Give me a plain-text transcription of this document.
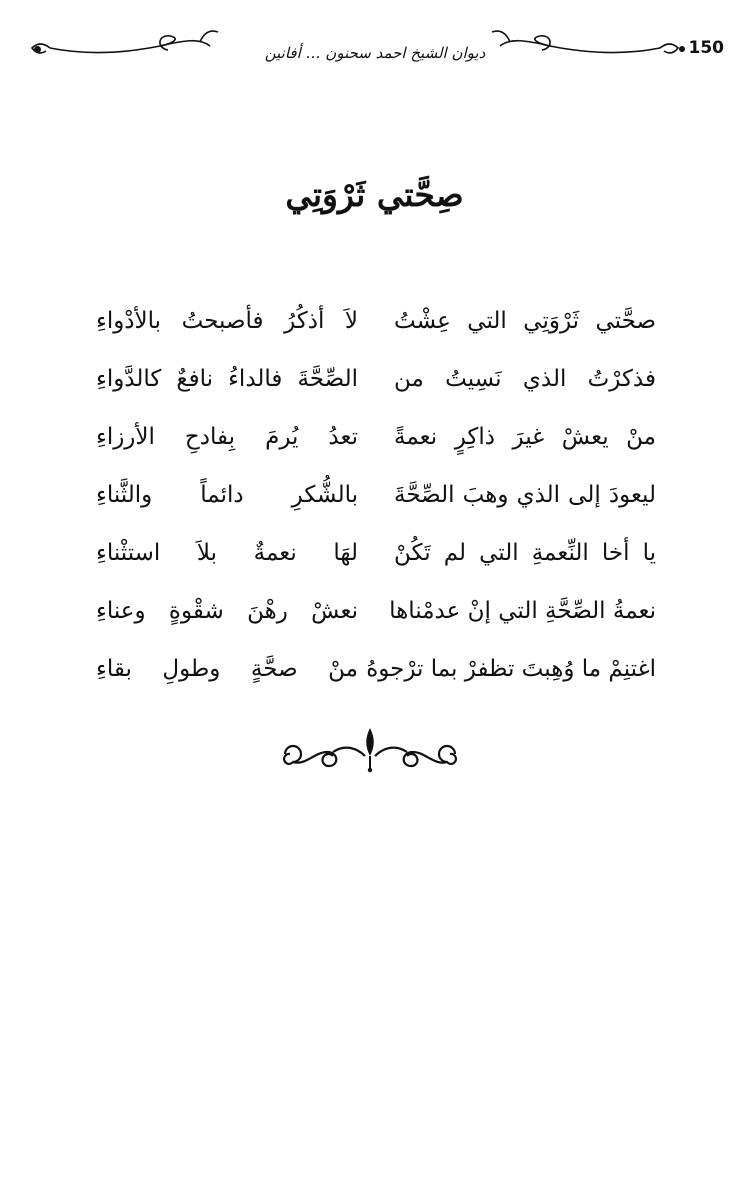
ديوان الشيخ احمد سحنون … أفانين	150
صِحَّتي ثَرْوَتِي
صحَّتي ثَرْوَتِي التي عِشْتُ
لاَ أذكُرُ فأصبحتُ بالأدْواءِ
فذكرْتُ الذي نَسِيتُ من
الصِّحَّةَ فالداءُ نافعٌ كالدَّواءِ
منْ يعشْ غيرَ ذاكِرٍ نعمةً
تعدُ يُرمَ بِفادحِ الأرزاءِ
ليعودَ إلى الذي وهبَ الصِّحَّةَ
بالشُّكرِ دائماً والثَّناءِ
يا أخا النِّعمةِ التي لم تَكُنْ
لهَا نعمةٌ بلاَ استثْناءِ
نعمةُ الصِّحَّةِ التي إنْ عدمْناها
نعشْ رهْنَ شقْوةٍ وعناءِ
اغتنِمْ ما وُهِبتَ تظفرْ بما ترْجوهُ
منْ صحَّةٍ وطولِ بقاءِ
